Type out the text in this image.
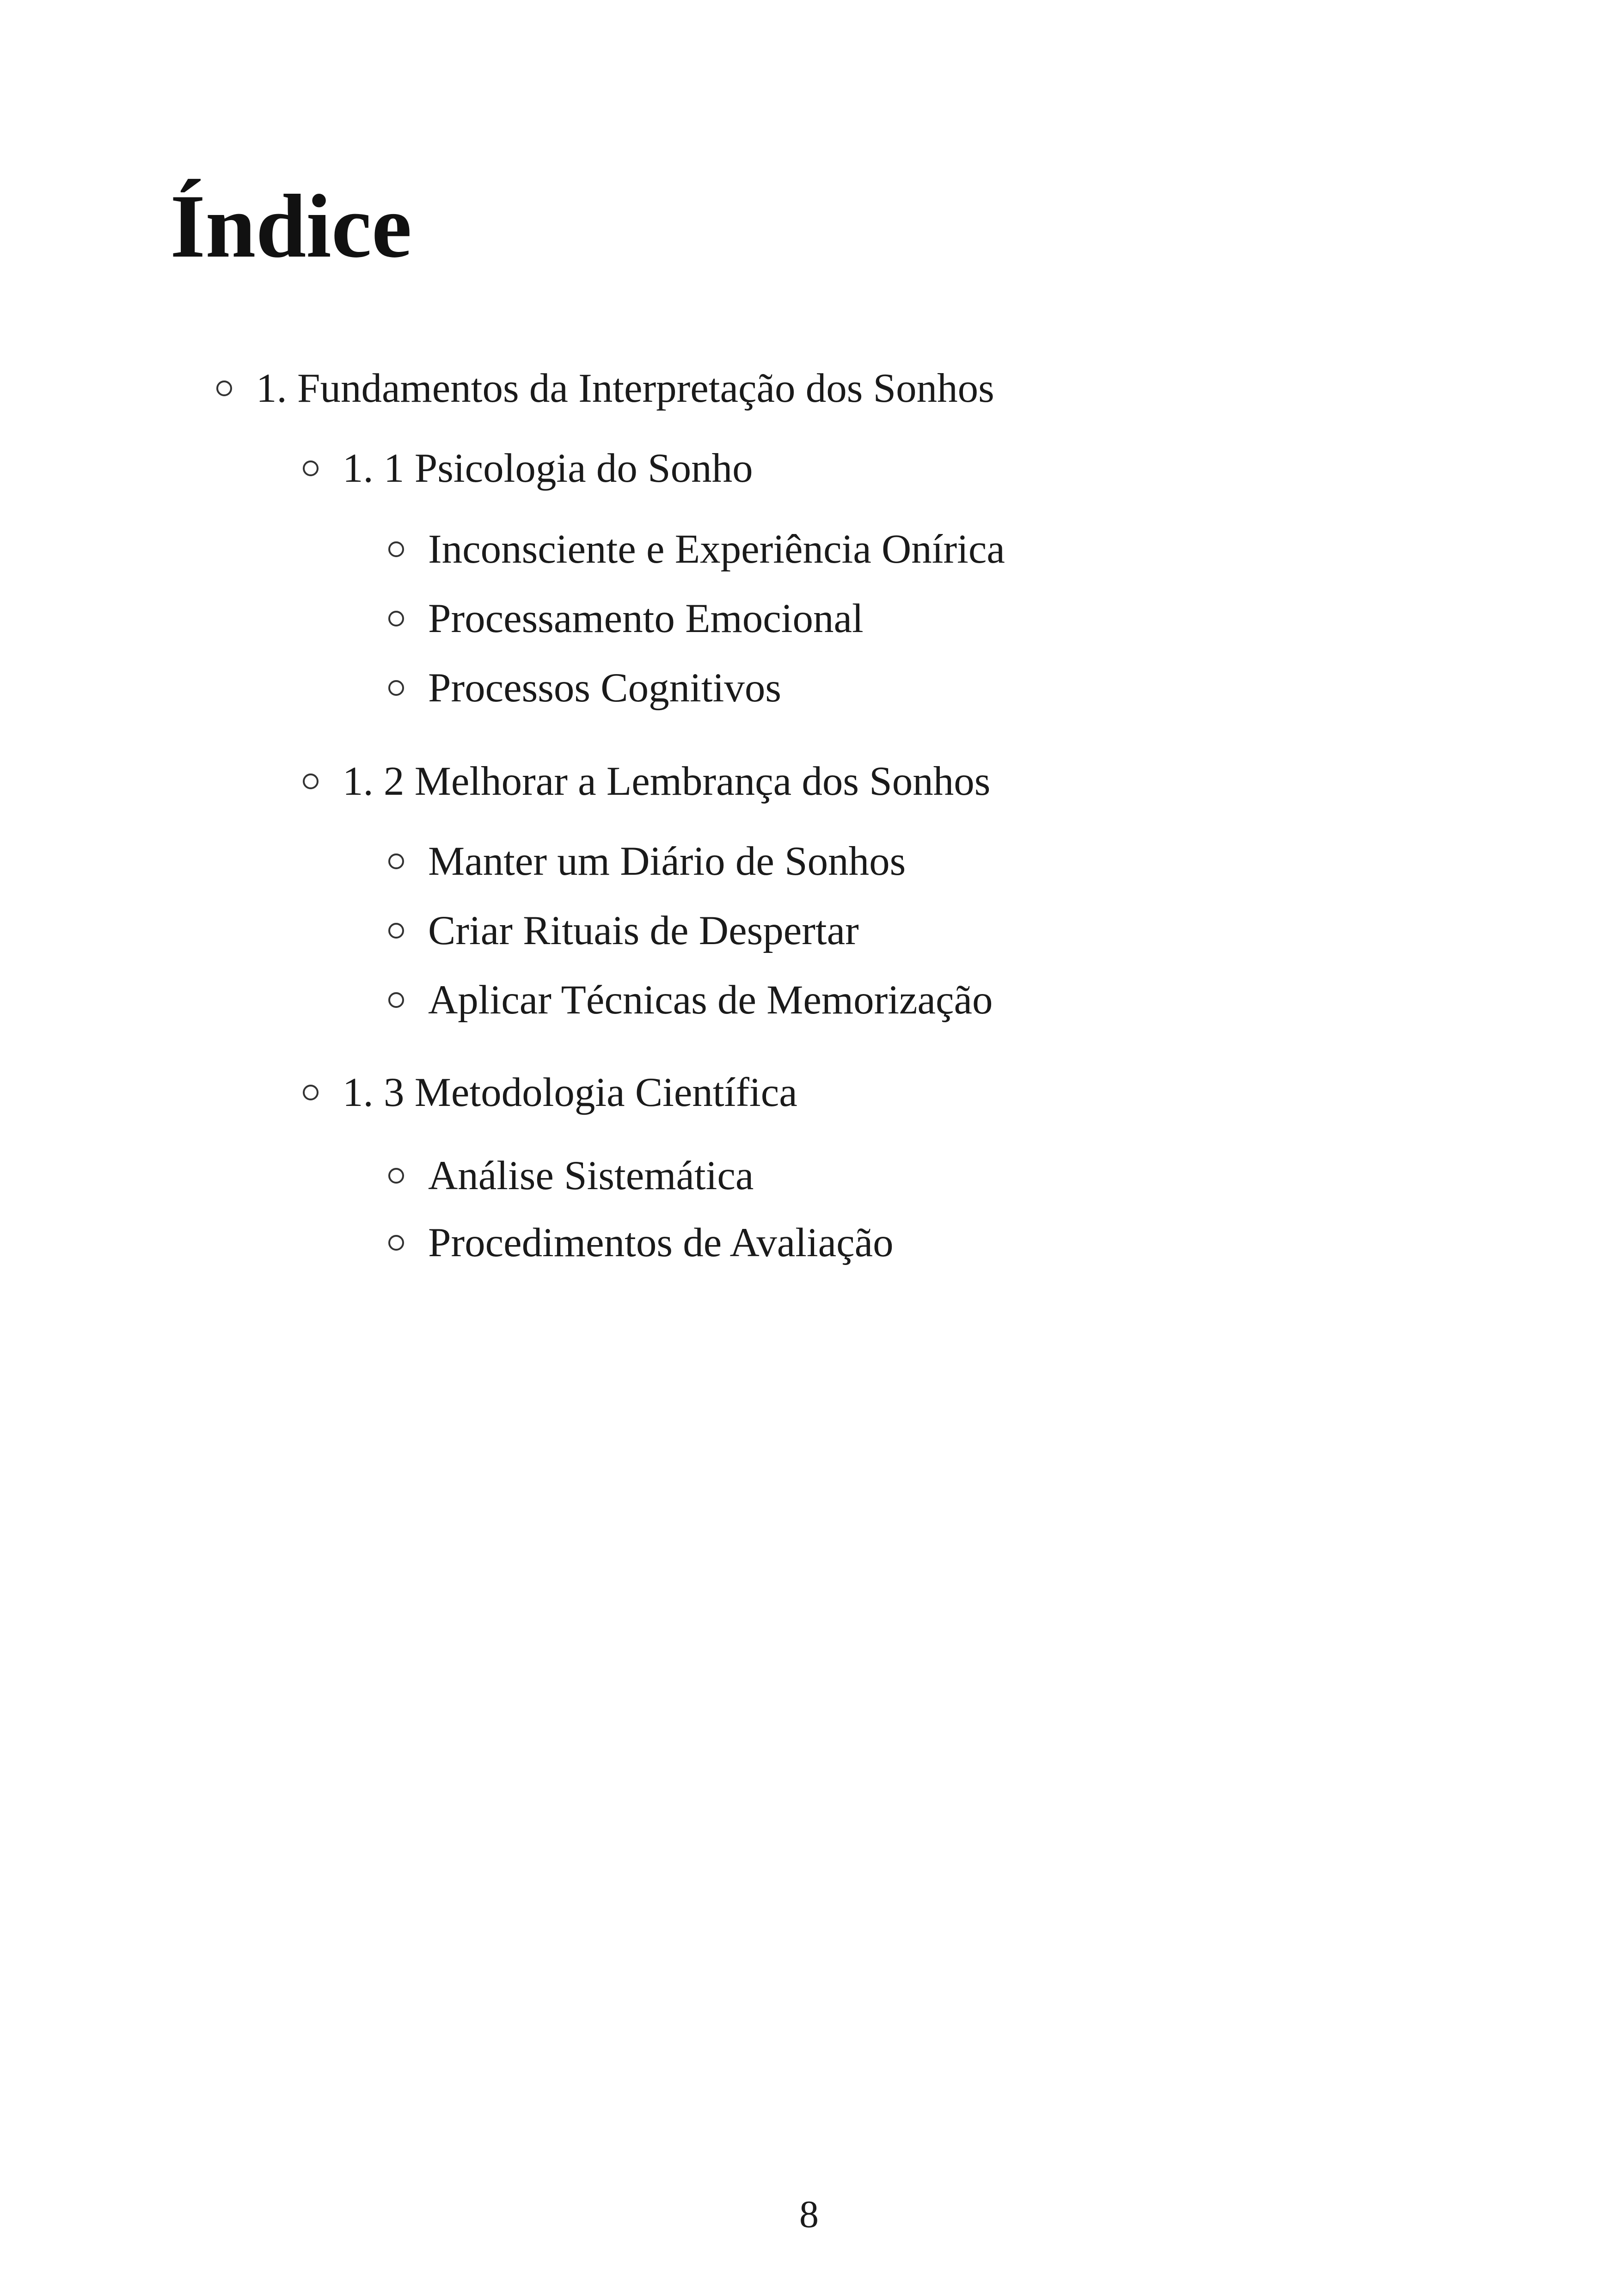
Índice
1. Fundamentos da Interpretação dos Sonhos
1. 1 Psicologia do Sonho
Inconsciente e Experiência Onírica
Processamento Emocional
Processos Cognitivos
1. 2 Melhorar a Lembrança dos Sonhos
Manter um Diário de Sonhos
Criar Rituais de Despertar
Aplicar Técnicas de Memorização
1. 3 Metodologia Científica
Análise Sistemática
Procedimentos de Avaliação
8
